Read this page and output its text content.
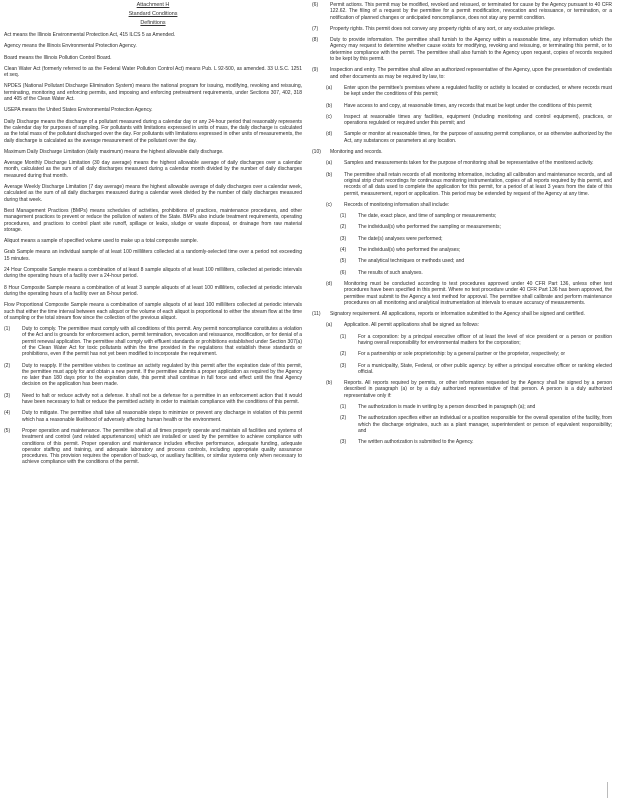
Attachment H
Standard Conditions
Definitions
Act means the Illinois Environmental Protection Act, 415 ILCS 5 as Amended.
Agency means the Illinois Environmental Protection Agency.
Board means the Illinois Pollution Control Board.
Clean Water Act (formerly referred to as the Federal Water Pollution Control Act) means Pub. L 92-500, as amended. 33 U.S.C. 1251 et seq.
NPDES (National Pollutant Discharge Elimination System) means the national program for issuing, modifying, revoking and reissuing, terminating, monitoring and enforcing permits, and imposing and enforcing pretreatment requirements, under Sections 307, 402, 318 and 405 of the Clean Water Act.
USEPA means the United States Environmental Protection Agency.
Daily Discharge means the discharge of a pollutant measured during a calendar day or any 24-hour period that reasonably represents the calendar day for purposes of sampling. For pollutants with limitations expressed in units of mass, the daily discharge is calculated as the total mass of the pollutant discharged over the day. For pollutants with limitations expressed in other units of measurements, the daily discharge is calculated as the average measurement of the pollutant over the day.
Maximum Daily Discharge Limitation (daily maximum) means the highest allowable daily discharge.
Average Monthly Discharge Limitation (30 day average) means the highest allowable average of daily discharges over a calendar month, calculated as the sum of all daily discharges measured during a calendar month divided by the number of daily discharges measured during that month.
Average Weekly Discharge Limitation (7 day average) means the highest allowable average of daily discharges over a calendar week, calculated as the sum of all daily discharges measured during a calendar week divided by the number of daily discharges measured during that week.
Best Management Practices (BMPs) means schedules of activities, prohibitions of practices, maintenance procedures, and other management practices to prevent or reduce the pollution of waters of the State. BMPs also include treatment requirements, operating procedures, and practices to control plant site runoff, spillage or leaks, sludge or waste disposal, or drainage from raw material storage.
Aliquot means a sample of specified volume used to make up a total composite sample.
Grab Sample means an individual sample of at least 100 milliliters collected at a randomly-selected time over a period not exceeding 15 minutes.
24 Hour Composite Sample means a combination of at least 8 sample aliquots of at least 100 milliliters, collected at periodic intervals during the operating hours of a facility over a 24-hour period.
8 Hour Composite Sample means a combination of at least 3 sample aliquots of at least 100 milliliters, collected at periodic intervals during the operating hours of a facility over an 8-hour period.
Flow Proportional Composite Sample means a combination of sample aliquots of at least 100 milliliters collected at periodic intervals such that either the time interval between each aliquot or the volume of each aliquot is proportional to either the stream flow at the time of sampling or the total stream flow since the collection of the previous aliquot.
(1)	Duty to comply. The permittee must comply with all conditions of this permit. Any permit noncompliance constitutes a violation of the Act and is grounds for enforcement action, permit termination, revocation and reissuance, modification, or for denial of a permit renewal application. The permittee shall comply with effluent standards or prohibitions established under Section 307(a) of the Clean Water Act for toxic pollutants within the time provided in the regulations that establish these standards or prohibitions, even if the permit has not yet been modified to incorporate the requirement.
(2)	Duty to reapply. If the permittee wishes to continue an activity regulated by this permit after the expiration date of this permit, the permittee must apply for and obtain a new permit. If the permittee submits a proper application as required by the Agency no later than 180 days prior to the expiration date, this permit shall continue in full force and effect until the final Agency decision on the application has been made.
(3)	Need to halt or reduce activity not a defense. It shall not be a defense for a permittee in an enforcement action that it would have been necessary to halt or reduce the permitted activity in order to maintain compliance with the conditions of this permit.
(4)	Duty to mitigate. The permittee shall take all reasonable steps to minimize or prevent any discharge in violation of this permit which has a reasonable likelihood of adversely affecting human health or the environment.
(5)	Proper operation and maintenance. The permittee shall at all times properly operate and maintain all facilities and systems of treatment and control (and related appurtenances) which are installed or used by the permittee to achieve compliance with conditions of this permit. Proper operation and maintenance includes effective performance, adequate funding, adequate operator staffing and training, and adequate laboratory and process controls, including appropriate quality assurance procedures. This provision requires the operation of back-up, or auxiliary facilities, or similar systems only when necessary to achieve compliance with the conditions of the permit.
(6)	Permit actions. This permit may be modified, revoked and reissued, or terminated for cause by the Agency pursuant to 40 CFR 122.62. The filing of a request by the permittee for a permit modification, revocation and reissuance, or termination, or a notification of planned changes or anticipated noncompliance, does not stay any permit condition.
(7)	Property rights. This permit does not convey any property rights of any sort, or any exclusive privilege.
(8)	Duty to provide information. The permittee shall furnish to the Agency within a reasonable time, any information which the Agency may request to determine whether cause exists for modifying, revoking and reissuing, or terminating this permit, or to determine compliance with the permit. The permittee shall also furnish to the Agency upon request, copies of records required to be kept by this permit.
(9)	Inspection and entry. The permittee shall allow an authorized representative of the Agency, upon the presentation of credentials and other documents as may be required by law, to:
(a)	Enter upon the permittee's premises where a regulated facility or activity is located or conducted, or where records must be kept under the conditions of this permit;
(b)	Have access to and copy, at reasonable times, any records that must be kept under the conditions of this permit;
(c)	Inspect at reasonable times any facilities, equipment (including monitoring and control equipment), practices, or operations regulated or required under this permit; and
(d)	Sample or monitor at reasonable times, for the purpose of assuring permit compliance, or as otherwise authorized by the Act, any substances or parameters at any location.
(10)	Monitoring and records.
(a)	Samples and measurements taken for the purpose of monitoring shall be representative of the monitored activity.
(b)	The permittee shall retain records of all monitoring information, including all calibration and maintenance records, and all original strip chart recordings for continuous monitoring instrumentation, copies of all reports required by this permit, and records of all data used to complete the application for this permit, for a period of at least 3 years from the date of this permit, measurement, report or application. This period may be extended by request of the Agency at any time.
(c)	Records of monitoring information shall include:
(1)	The date, exact place, and time of sampling or measurements;
(2)	The individual(s) who performed the sampling or measurements;
(3)	The date(s) analyses were performed;
(4)	The individual(s) who performed the analyses;
(5)	The analytical techniques or methods used; and
(6)	The results of such analyses.
(d)	Monitoring must be conducted according to test procedures approved under 40 CFR Part 136, unless other test procedures have been specified in this permit. Where no test procedure under 40 CFR Part 136 has been approved, the permittee must submit to the Agency a test method for approval. The permittee shall calibrate and perform maintenance procedures on all monitoring and analytical instrumentation at intervals to ensure accuracy of measurements.
(11)	Signatory requirement. All applications, reports or information submitted to the Agency shall be signed and certified.
(a)	Application. All permit applications shall be signed as follows:
(1)	For a corporation: by a principal executive officer of at least the level of vice president or a person or position having overall responsibility for environmental matters for the corporation;
(2)	For a partnership or sole proprietorship: by a general partner or the proprietor, respectively; or
(3)	For a municipality, State, Federal, or other public agency: by either a principal executive officer or ranking elected official.
(b)	Reports. All reports required by permits, or other information requested by the Agency shall be signed by a person described in paragraph (a) or by a duly authorized representative of that person. A person is a duly authorized representative only if:
(1)	The authorization is made in writing by a person described in paragraph (a); and
(2)	The authorization specifies either an individual or a position responsible for the overall operation of the facility, from which the discharge originates, such as a plant manager, superintendent or person of equivalent responsibility; and
(3)	The written authorization is submitted to the Agency.
